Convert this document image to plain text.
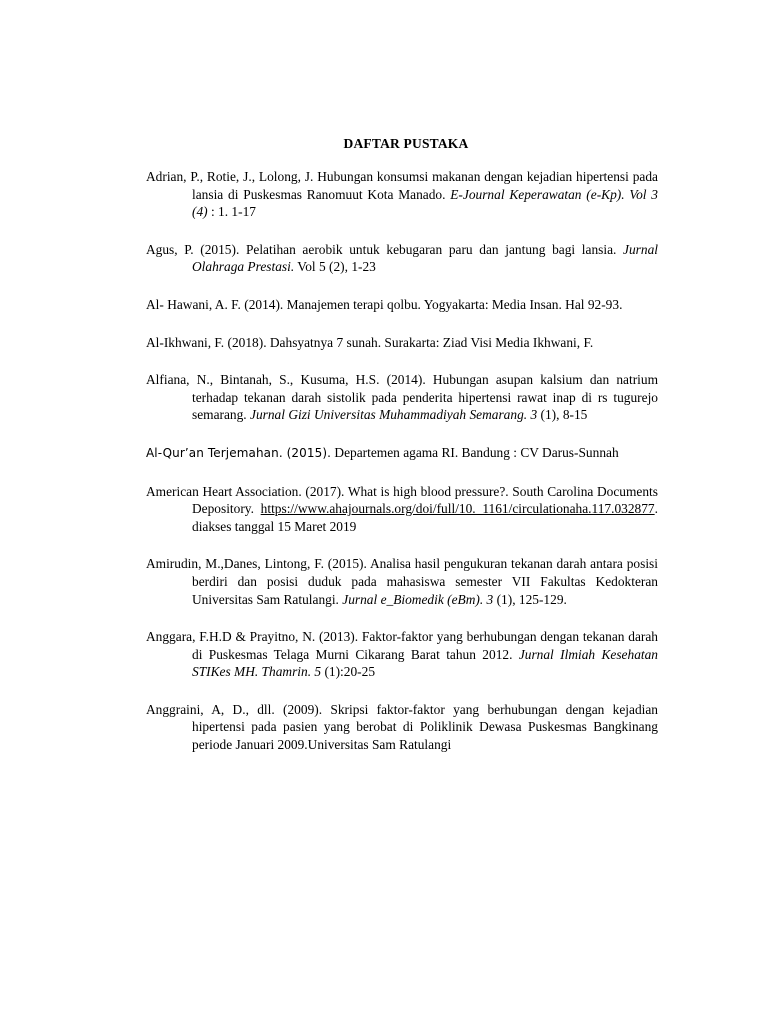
DAFTAR PUSTAKA

Adrian, P., Rotie, J., Lolong, J. Hubungan konsumsi makanan dengan kejadian hipertensi pada lansia di Puskesmas Ranomuut Kota Manado. E-Journal Keperawatan (e-Kp). Vol 3 (4) : 1. 1-17

Agus, P. (2015). Pelatihan aerobik untuk kebugaran paru dan jantung bagi lansia. Jurnal Olahraga Prestasi. Vol 5 (2), 1-23

Al- Hawani, A. F. (2014). Manajemen terapi qolbu. Yogyakarta: Media Insan. Hal 92-93.

Al-Ikhwani, F. (2018). Dahsyatnya 7 sunah. Surakarta: Ziad Visi Media Ikhwani, F.

Alfiana, N., Bintanah, S., Kusuma, H.S. (2014). Hubungan asupan kalsium dan natrium terhadap tekanan darah sistolik pada penderita hipertensi rawat inap di rs tugurejo semarang. Jurnal Gizi Universitas Muhammadiyah Semarang. 3 (1), 8-15

Al-Qur’an Terjemahan. (2015). Departemen agama RI. Bandung : CV Darus-Sunnah

American Heart Association. (2017). What is high blood pressure?. South Carolina Documents Depository. https://www.ahajournals.org/doi/full/10. 1161/circulationaha.117.032877. diakses tanggal 15 Maret 2019

Amirudin, M.,Danes, Lintong, F. (2015). Analisa hasil pengukuran tekanan darah antara posisi berdiri dan posisi duduk pada mahasiswa semester VII Fakultas Kedokteran Universitas Sam Ratulangi. Jurnal e_Biomedik (eBm). 3 (1), 125-129.

Anggara, F.H.D & Prayitno, N. (2013). Faktor-faktor yang berhubungan dengan tekanan darah di Puskesmas Telaga Murni Cikarang Barat tahun 2012. Jurnal Ilmiah Kesehatan STIKes MH. Thamrin. 5 (1):20-25

Anggraini, A, D., dll. (2009). Skripsi faktor-faktor yang berhubungan dengan kejadian hipertensi pada pasien yang berobat di Poliklinik Dewasa Puskesmas Bangkinang periode Januari 2009.Universitas Sam Ratulangi
